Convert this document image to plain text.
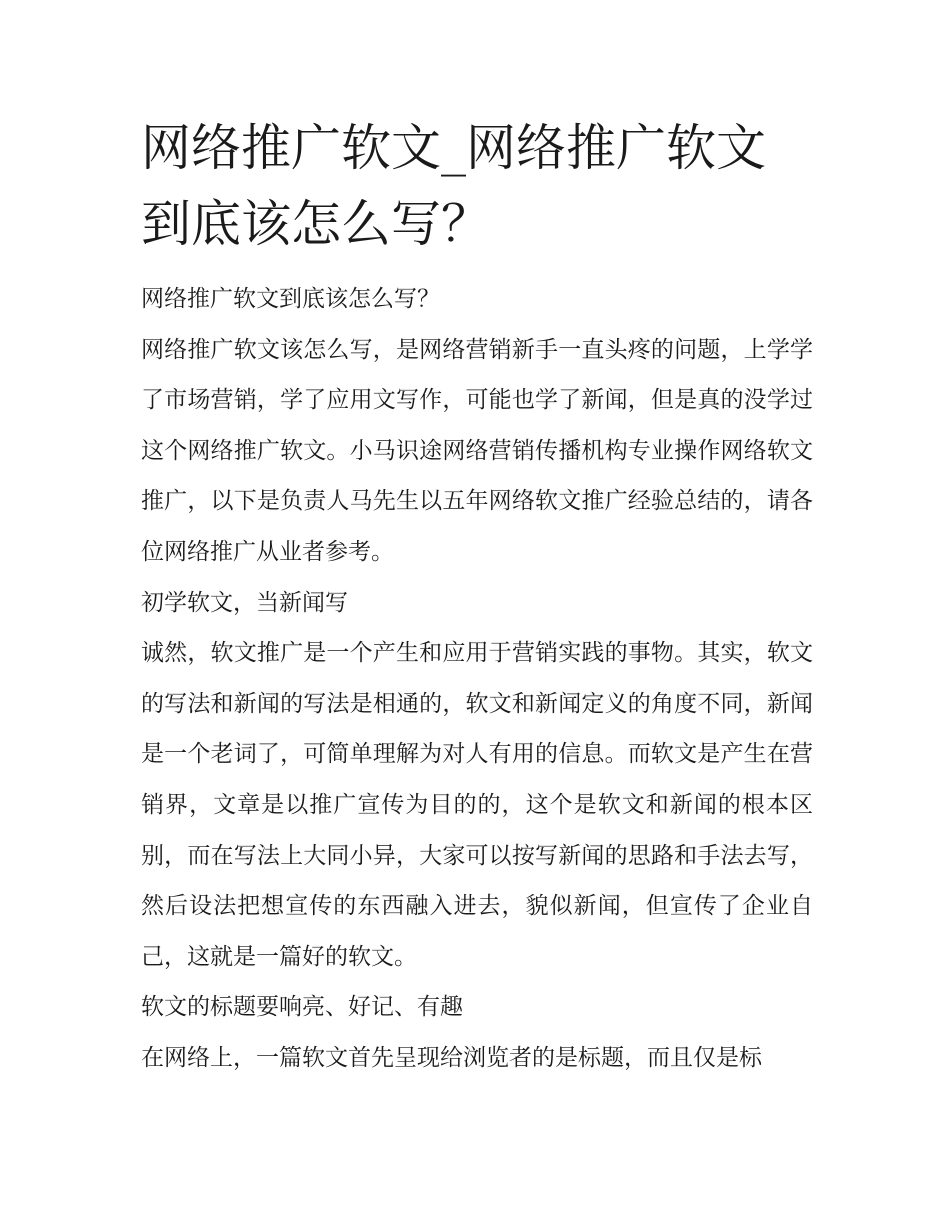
网络推广软文_网络推广软文到底该怎么写？

网络推广软文到底该怎么写？

网络推广软文该怎么写，是网络营销新手一直头疼的问题，上学学了市场营销，学了应用文写作，可能也学了新闻，但是真的没学过这个网络推广软文。小马识途网络营销传播机构专业操作网络软文推广，以下是负责人马先生以五年网络软文推广经验总结的，请各位网络推广从业者参考。

初学软文，当新闻写

诚然，软文推广是一个产生和应用于营销实践的事物。其实，软文的写法和新闻的写法是相通的，软文和新闻定义的角度不同，新闻是一个老词了，可简单理解为对人有用的信息。而软文是产生在营销界，文章是以推广宣传为目的的，这个是软文和新闻的根本区别，而在写法上大同小异，大家可以按写新闻的思路和手法去写，然后设法把想宣传的东西融入进去，貌似新闻，但宣传了企业自己，这就是一篇好的软文。

软文的标题要响亮、好记、有趣

在网络上，一篇软文首先呈现给浏览者的是标题，而且仅是标
